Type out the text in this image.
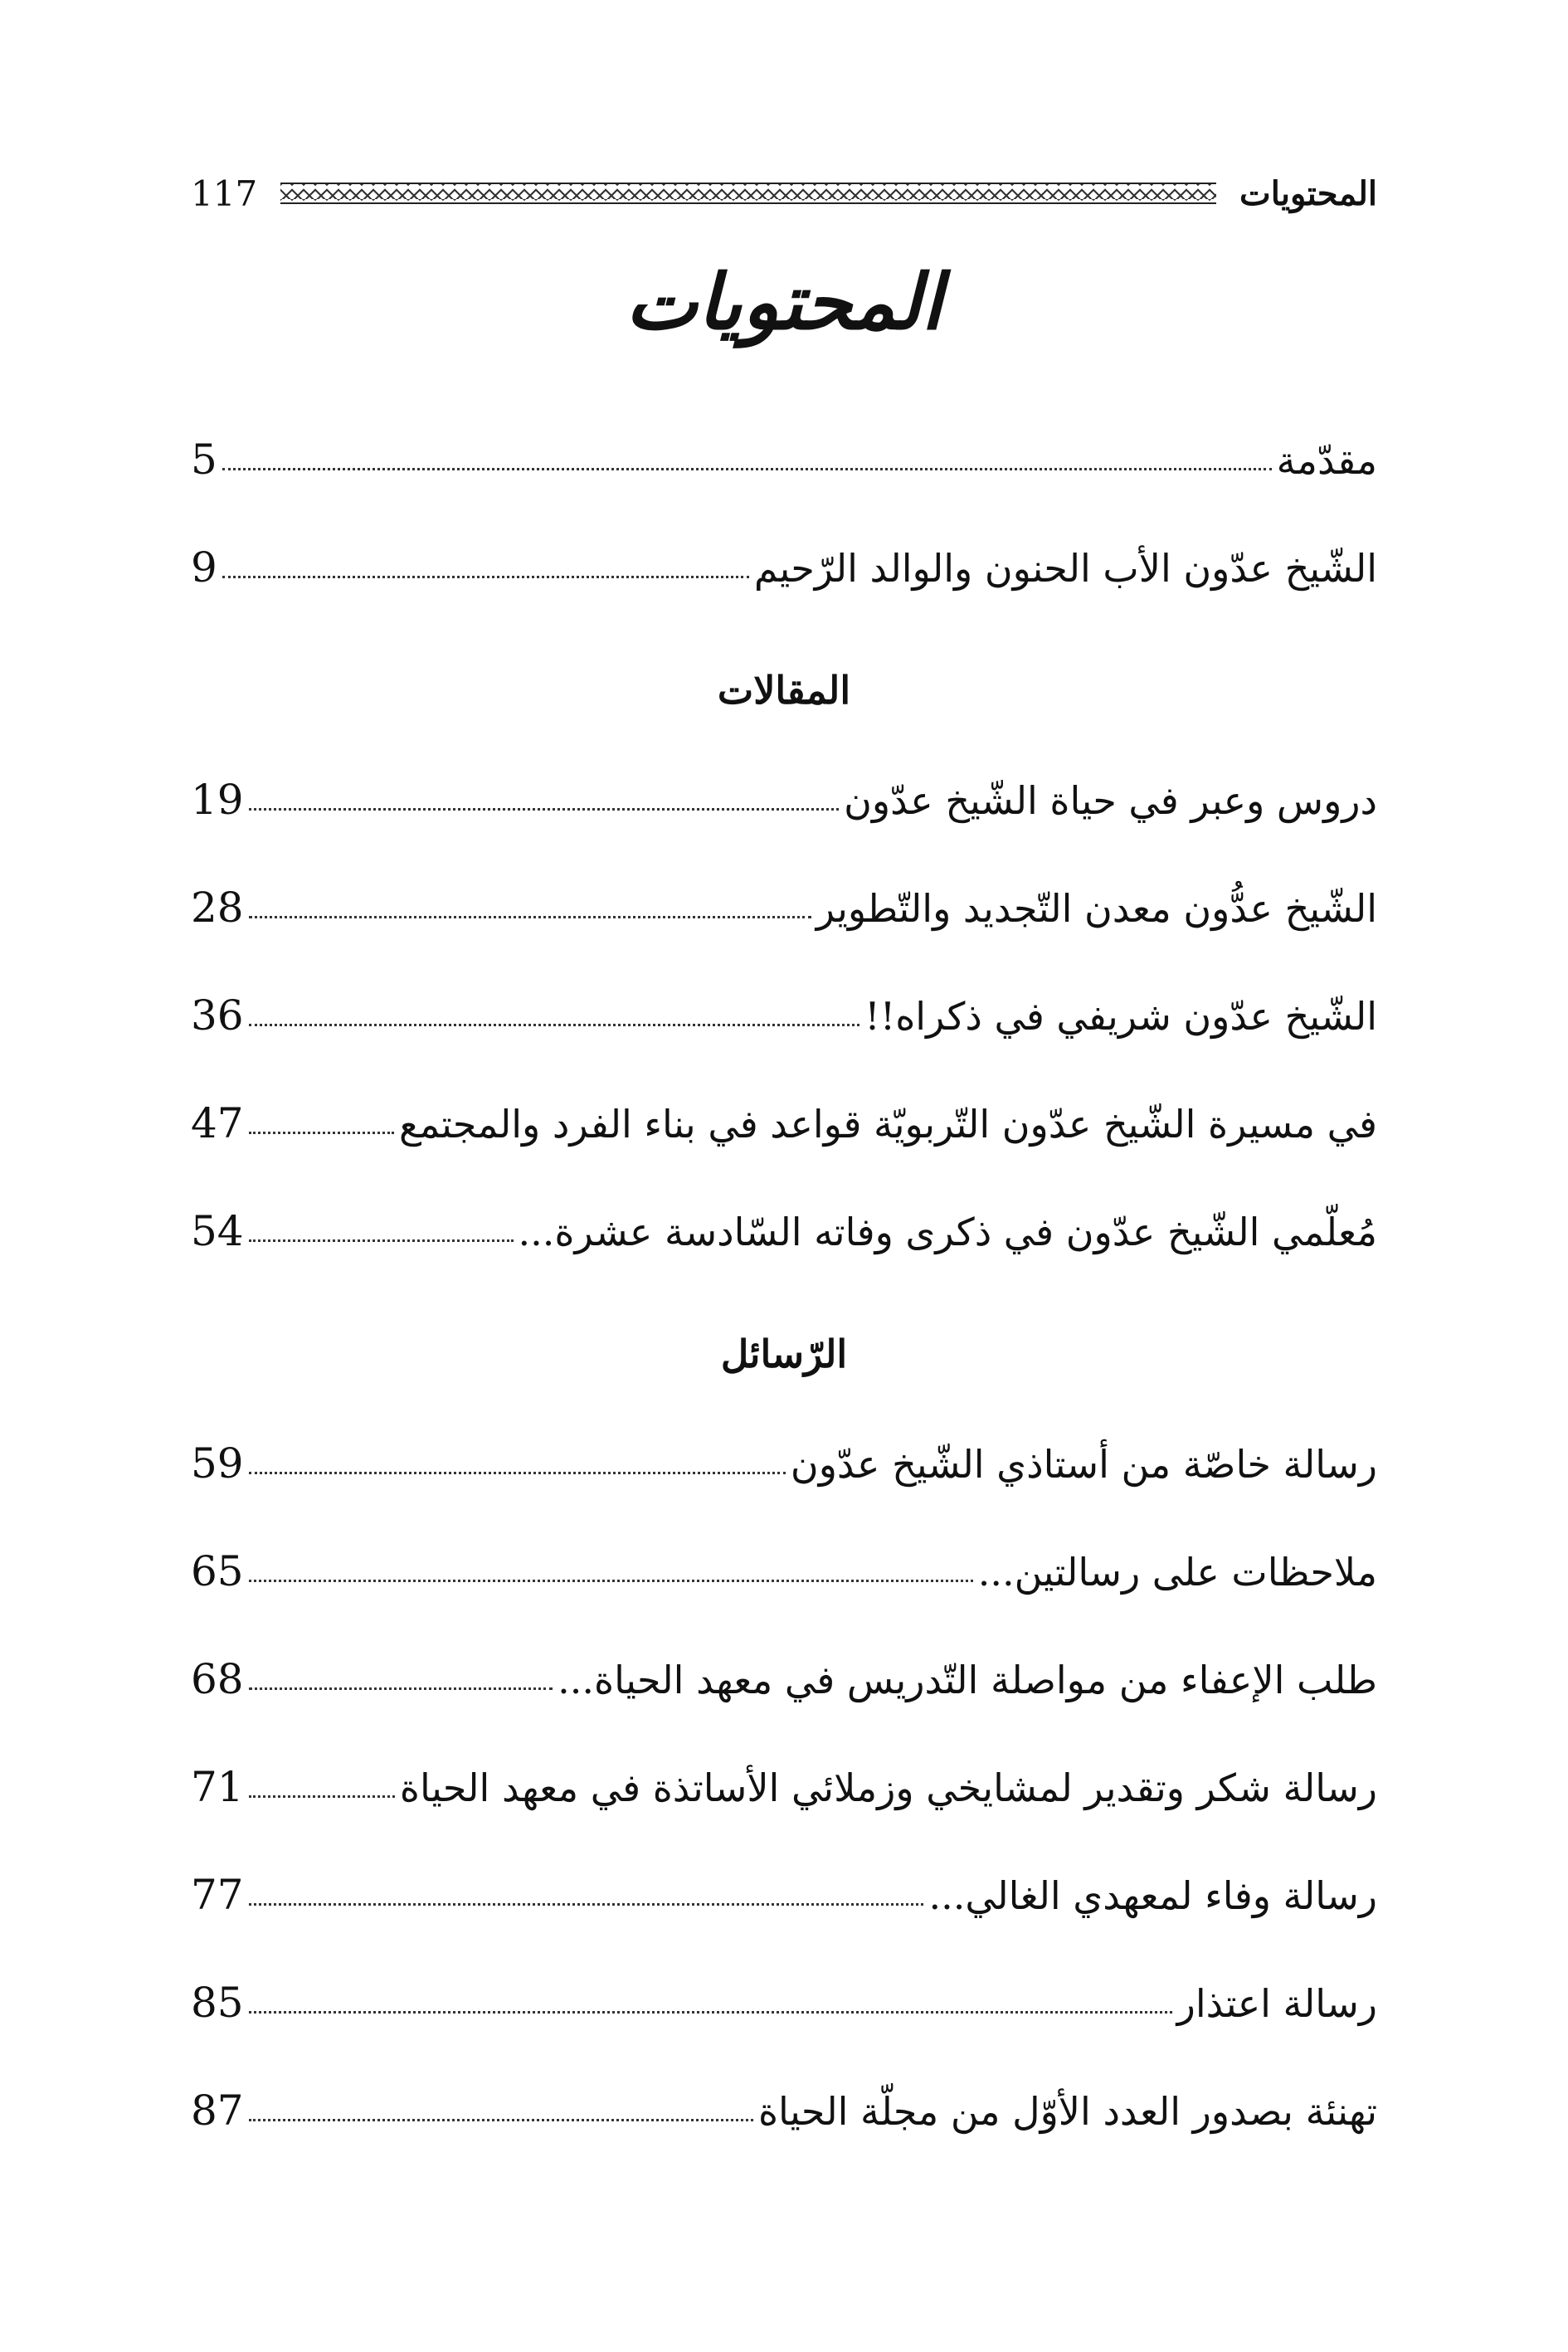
المحتويات
117
المحتويات
مقدّمة
5
الشّيخ عدّون الأب الحنون والوالد الرّحيم
9
المقالات
دروس وعبر في حياة الشّيخ عدّون
19
الشّيخ عدُّون معدن التّجديد والتّطوير
28
الشّيخ عدّون شريفي في ذكراه!!
36
في مسيرة الشّيخ عدّون التّربويّة قواعد في بناء الفرد والمجتمع
47
مُعلّمي الشّيخ عدّون في ذكرى وفاته السّادسة عشرة...
54
الرّسائل
رسالة خاصّة من أستاذي الشّيخ عدّون
59
ملاحظات على رسالتين...
65
طلب الإعفاء من مواصلة التّدريس في معهد الحياة...
68
رسالة شكر وتقدير لمشايخي وزملائي الأساتذة في معهد الحياة
71
رسالة وفاء لمعهدي الغالي...
77
رسالة اعتذار
85
تهنئة بصدور العدد الأوّل من مجلّة الحياة
87
